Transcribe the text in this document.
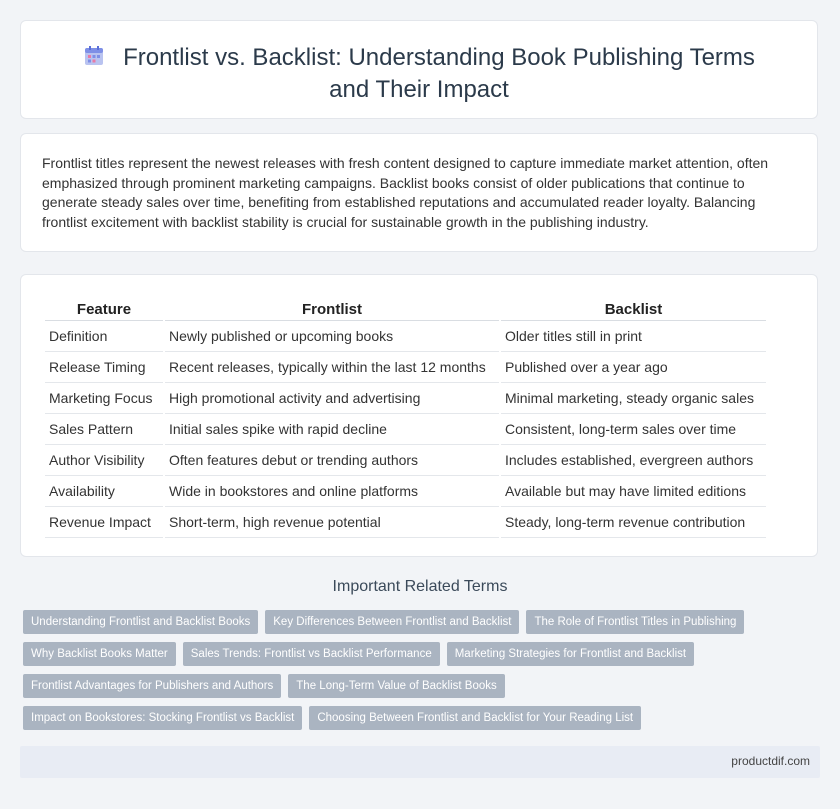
Frontlist vs. Backlist: Understanding Book Publishing Terms and Their Impact

Frontlist titles represent the newest releases with fresh content designed to capture immediate market attention, often emphasized through prominent marketing campaigns. Backlist books consist of older publications that continue to generate steady sales over time, benefiting from established reputations and accumulated reader loyalty. Balancing frontlist excitement with backlist stability is crucial for sustainable growth in the publishing industry.

Feature	Frontlist	Backlist
Definition	Newly published or upcoming books	Older titles still in print
Release Timing	Recent releases, typically within the last 12 months	Published over a year ago
Marketing Focus	High promotional activity and advertising	Minimal marketing, steady organic sales
Sales Pattern	Initial sales spike with rapid decline	Consistent, long-term sales over time
Author Visibility	Often features debut or trending authors	Includes established, evergreen authors
Availability	Wide in bookstores and online platforms	Available but may have limited editions
Revenue Impact	Short-term, high revenue potential	Steady, long-term revenue contribution
Important Related Terms
Understanding Frontlist and Backlist Books	Key Differences Between Frontlist and Backlist	The Role of Frontlist Titles in Publishing
Why Backlist Books Matter	Sales Trends: Frontlist vs Backlist Performance	Marketing Strategies for Frontlist and Backlist
Frontlist Advantages for Publishers and Authors	The Long-Term Value of Backlist Books
Impact on Bookstores: Stocking Frontlist vs Backlist	Choosing Between Frontlist and Backlist for Your Reading List
productdif.com
